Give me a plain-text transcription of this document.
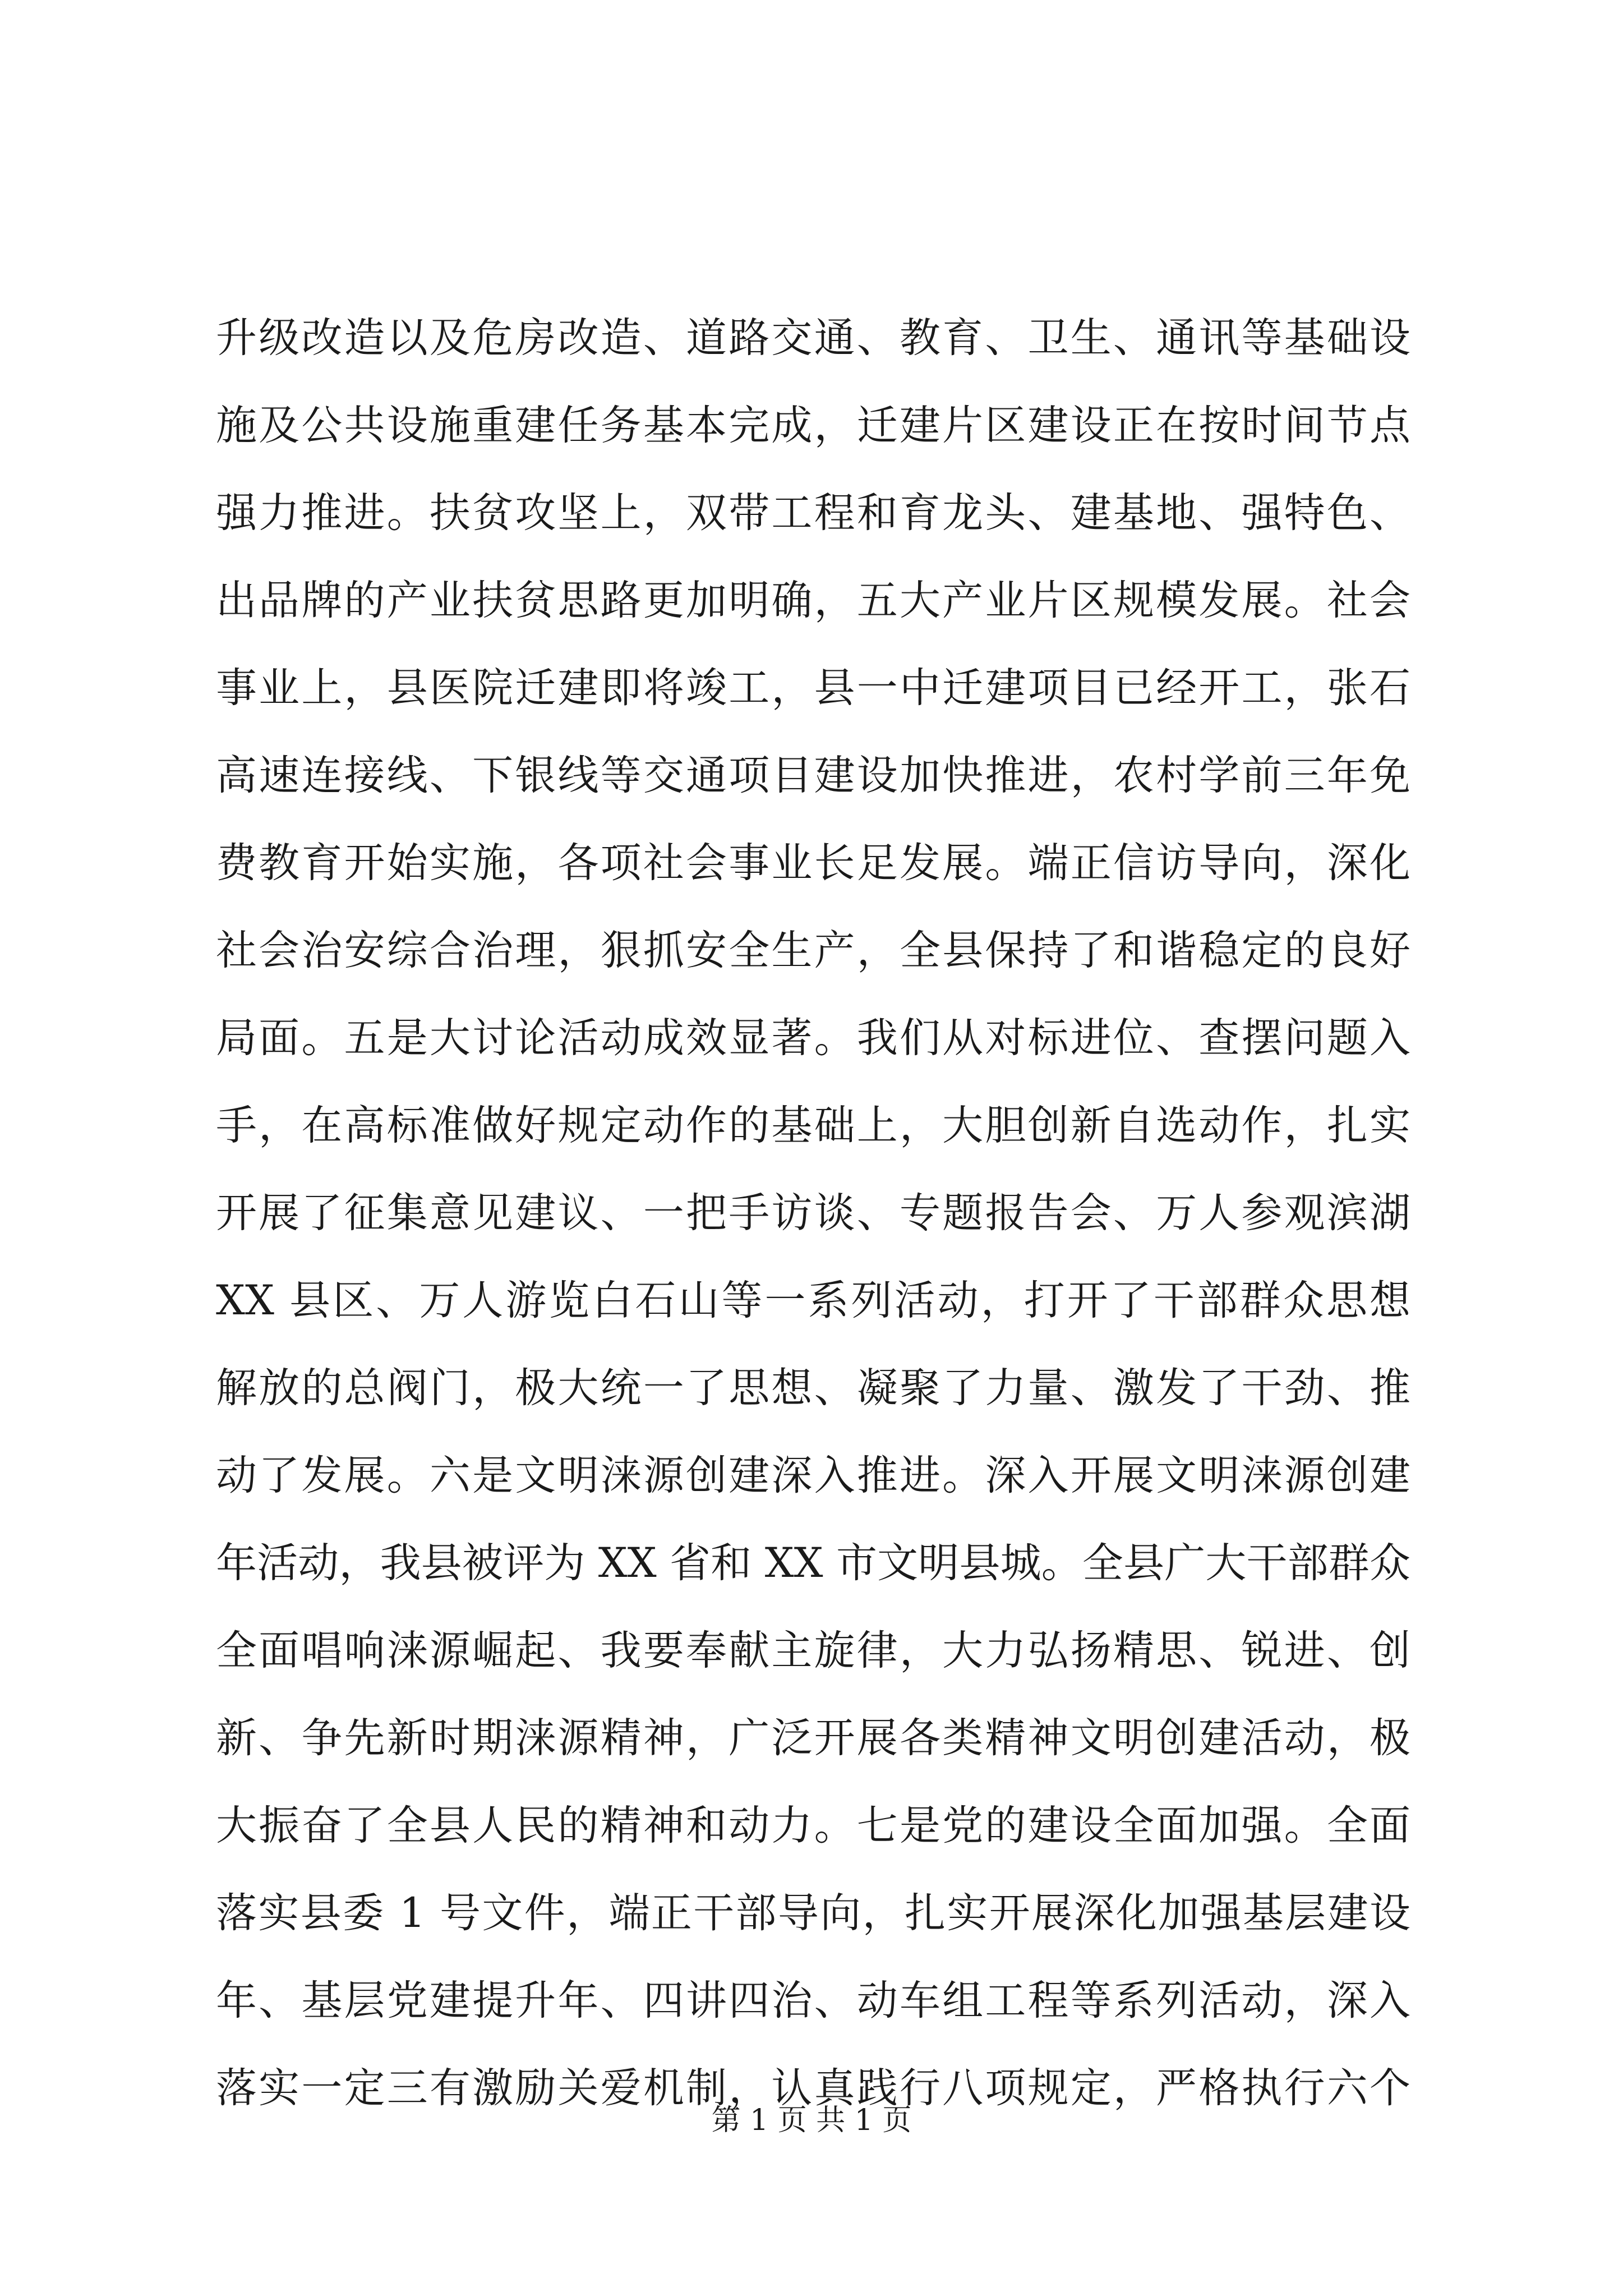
升级改造以及危房改造、道路交通、教育、卫生、通讯等基础设
施及公共设施重建任务基本完成，迁建片区建设正在按时间节点
强力推进。扶贫攻坚上，双带工程和育龙头、建基地、强特色、
出品牌的产业扶贫思路更加明确，五大产业片区规模发展。社会
事业上，县医院迁建即将竣工，县一中迁建项目已经开工，张石
高速连接线、下银线等交通项目建设加快推进，农村学前三年免
费教育开始实施，各项社会事业长足发展。端正信访导向，深化
社会治安综合治理，狠抓安全生产，全县保持了和谐稳定的良好
局面。五是大讨论活动成效显著。我们从对标进位、查摆问题入
手，在高标准做好规定动作的基础上，大胆创新自选动作，扎实
开展了征集意见建议、一把手访谈、专题报告会、万人参观滨湖
XX 县区、万人游览白石山等一系列活动，打开了干部群众思想
解放的总阀门，极大统一了思想、凝聚了力量、激发了干劲、推
动了发展。六是文明涞源创建深入推进。深入开展文明涞源创建
年活动，我县被评为 XX 省和 XX 市文明县城。全县广大干部群众
全面唱响涞源崛起、我要奉献主旋律，大力弘扬精思、锐进、创
新、争先新时期涞源精神，广泛开展各类精神文明创建活动，极
大振奋了全县人民的精神和动力。七是党的建设全面加强。全面
落实县委 1 号文件，端正干部导向，扎实开展深化加强基层建设
年、基层党建提升年、四讲四治、动车组工程等系列活动，深入
落实一定三有激励关爱机制，认真践行八项规定，严格执行六个
第 1 页 共 1 页
